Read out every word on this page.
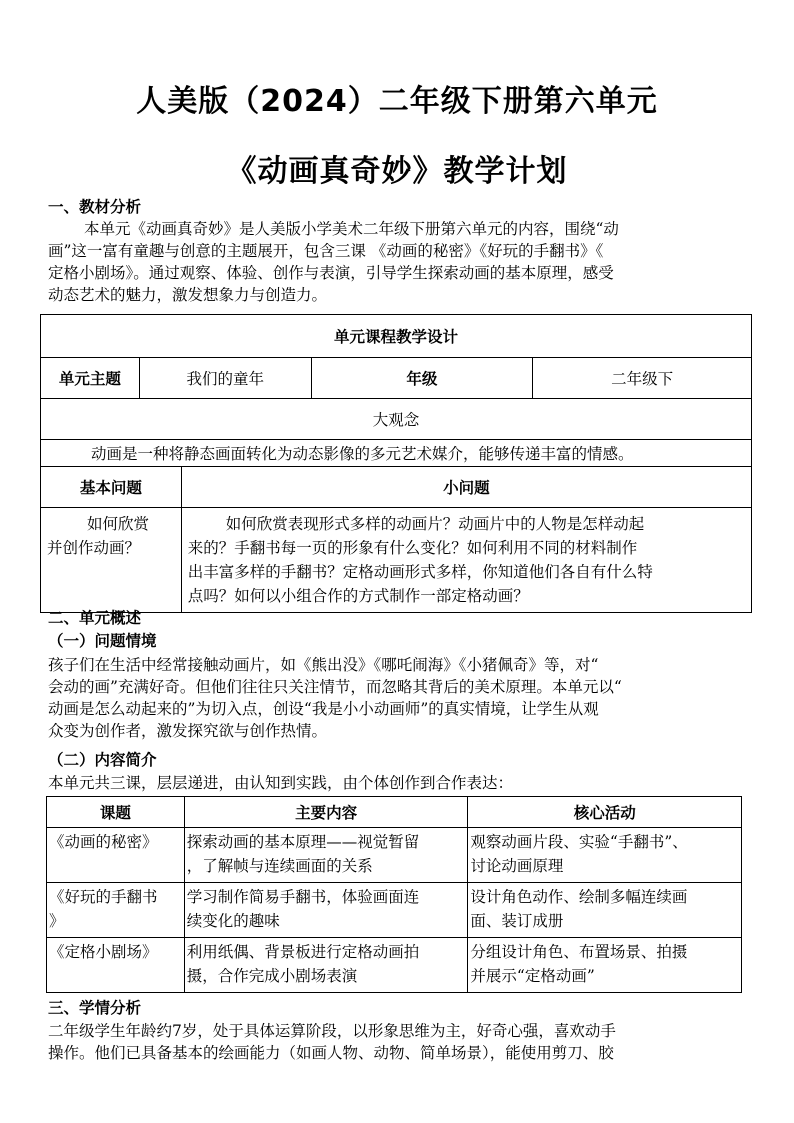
人美版（2024）二年级下册第六单元
《动画真奇妙》教学计划
一、教材分析
本单元《动画真奇妙》是人美版小学美术二年级下册第六单元的内容，围绕“动
画”这一富有童趣与创意的主题展开，包含三课 《动画的秘密》《好玩的手翻书》《
定格小剧场》。通过观察、体验、创作与表演，引导学生探索动画的基本原理，感受
动态艺术的魅力，激发想象力与创造力。
单元课程教学设计				
单元主题	我们的童年		年级	二年级下
大观念				
动画是一种将静态画面转化为动态影像的多元艺术媒介，能够传递丰富的情感。				
基本问题		小问题		

如何欣赏
并创作动画？		如何欣赏表现形式多样的动画片？动画片中的人物是怎样动起
来的？手翻书每一页的形象有什么变化？如何利用不同的材料制作
出丰富多样的手翻书？定格动画形式多样，你知道他们各自有什么特
点吗？如何以小组合作的方式制作一部定格动画？		
二、单元概述
（一）问题情境
孩子们在生活中经常接触动画片，如《熊出没》《哪吒闹海》《小猪佩奇》等，对“
会动的画”充满好奇。但他们往往只关注情节，而忽略其背后的美术原理。本单元以“
动画是怎么动起来的”为切入点，创设“我是小小动画师”的真实情境，让学生从观
众变为创作者，激发探究欲与创作热情。
（二）内容简介
本单元共三课，层层递进，由认知到实践，由个体创作到合作表达：
课题	主要内容	核心活动

《动画的秘密》	探索动画的基本原理——视觉暂留
，了解帧与连续画面的关系	观察动画片段、实验“手翻书”、
讨论动画原理

《好玩的手翻书
》	学习制作简易手翻书，体验画面连
续变化的趣味	设计角色动作、绘制多幅连续画
面、装订成册

《定格小剧场》	利用纸偶、背景板进行定格动画拍
摄，合作完成小剧场表演	分组设计角色、布置场景、拍摄
并展示“定格动画”
三、学情分析
二年级学生年龄约7岁，处于具体运算阶段，以形象思维为主，好奇心强，喜欢动手
操作。他们已具备基本的绘画能力（如画人物、动物、简单场景），能使用剪刀、胶
